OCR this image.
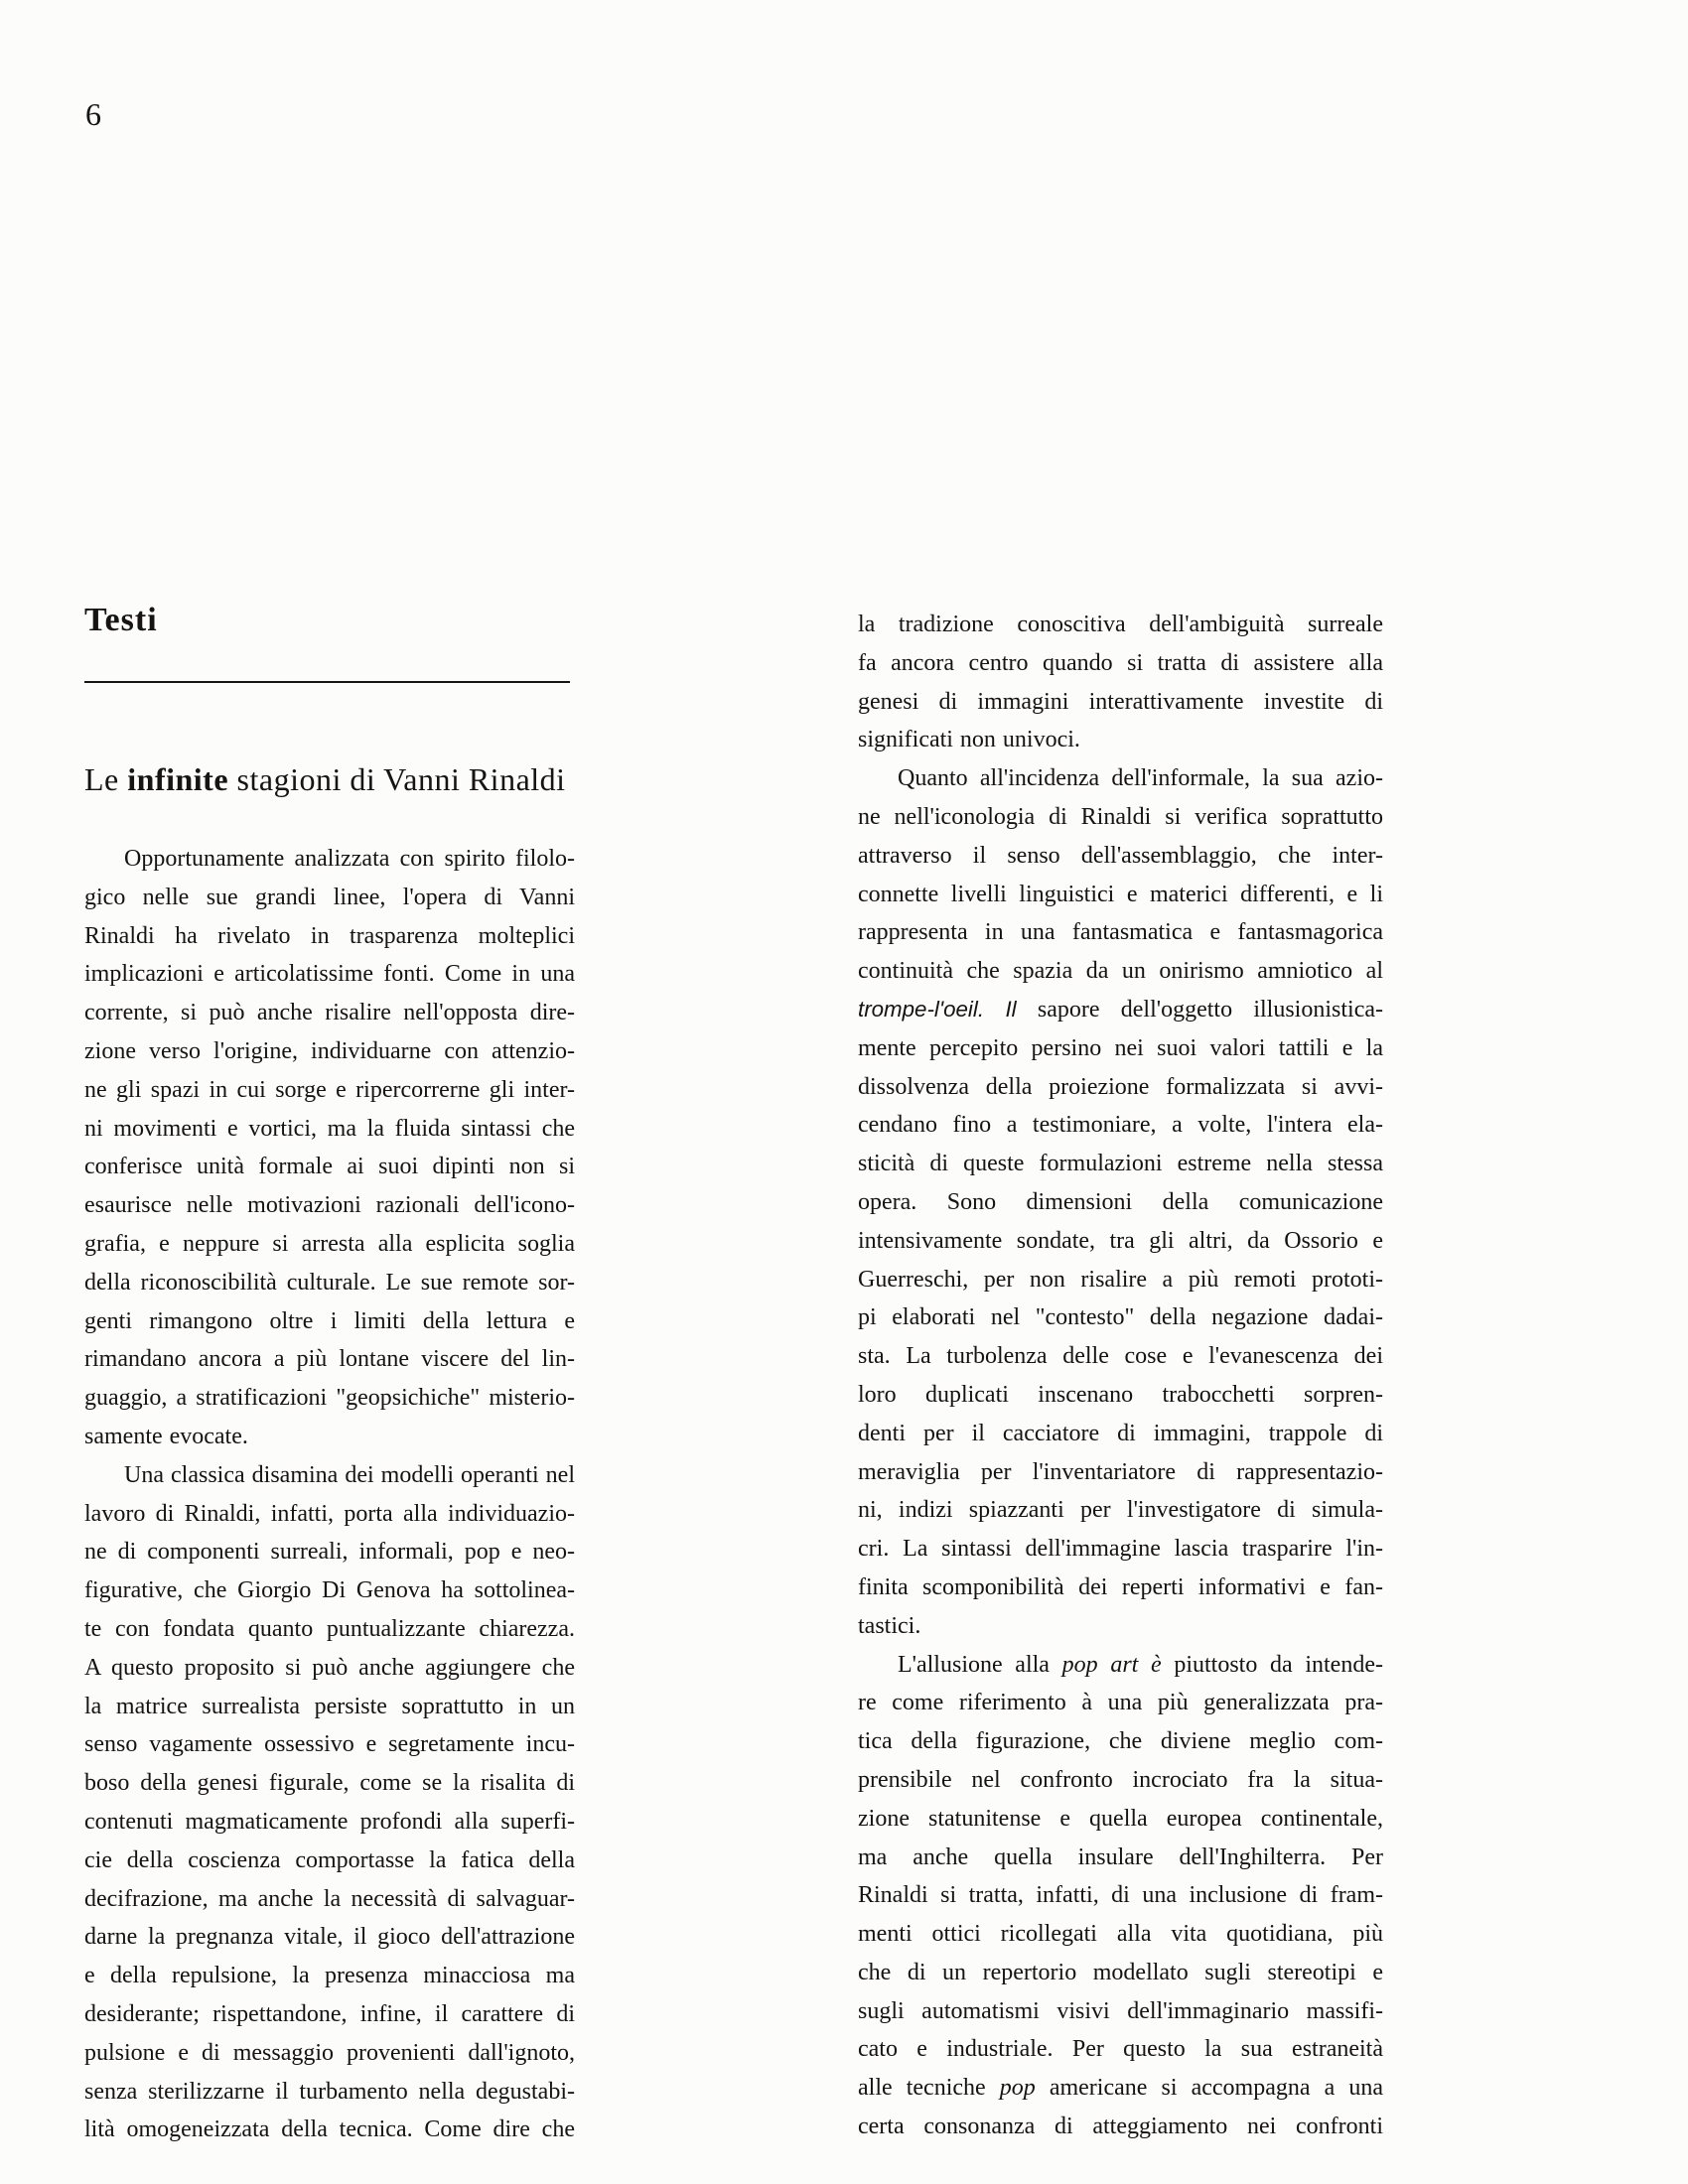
6
Testi
Le infinite stagioni di Vanni Rinaldi
Opportunamente analizzata con spirito filolo-
gico nelle sue grandi linee, l'opera di Vanni
Rinaldi ha rivelato in trasparenza molteplici
implicazioni e articolatissime fonti. Come in una
corrente, si può anche risalire nell'opposta dire-
zione verso l'origine, individuarne con attenzio-
ne gli spazi in cui sorge e ripercorrerne gli inter-
ni movimenti e vortici, ma la fluida sintassi che
conferisce unità formale ai suoi dipinti non si
esaurisce nelle motivazioni razionali dell'icono-
grafia, e neppure si arresta alla esplicita soglia
della riconoscibilità culturale. Le sue remote sor-
genti rimangono oltre i limiti della lettura e
rimandano ancora a più lontane viscere del lin-
guaggio, a stratificazioni "geopsichiche" misterio-
samente evocate.
Una classica disamina dei modelli operanti nel
lavoro di Rinaldi, infatti, porta alla individuazio-
ne di componenti surreali, informali, pop e neo-
figurative, che Giorgio Di Genova ha sottolinea-
te con fondata quanto puntualizzante chiarezza.
A questo proposito si può anche aggiungere che
la matrice surrealista persiste soprattutto in un
senso vagamente ossessivo e segretamente incu-
boso della genesi figurale, come se la risalita di
contenuti magmaticamente profondi alla superfi-
cie della coscienza comportasse la fatica della
decifrazione, ma anche la necessità di salvaguar-
darne la pregnanza vitale, il gioco dell'attrazione
e della repulsione, la presenza minacciosa ma
desiderante; rispettandone, infine, il carattere di
pulsione e di messaggio provenienti dall'ignoto,
senza sterilizzarne il turbamento nella degustabi-
lità omogeneizzata della tecnica. Come dire che
la tradizione conoscitiva dell'ambiguità surreale
fa ancora centro quando si tratta di assistere alla
genesi di immagini interattivamente investite di
significati non univoci.
Quanto all'incidenza dell'informale, la sua azio-
ne nell'iconologia di Rinaldi si verifica soprattutto
attraverso il senso dell'assemblaggio, che inter-
connette livelli linguistici e materici differenti, e li
rappresenta in una fantasmatica e fantasmagorica
continuità che spazia da un onirismo amniotico al
trompe-l'oeil. Il sapore dell'oggetto illusionistica-
mente percepito persino nei suoi valori tattili e la
dissolvenza della proiezione formalizzata si avvi-
cendano fino a testimoniare, a volte, l'intera ela-
sticità di queste formulazioni estreme nella stessa
opera. Sono dimensioni della comunicazione
intensivamente sondate, tra gli altri, da Ossorio e
Guerreschi, per non risalire a più remoti prototi-
pi elaborati nel "contesto" della negazione dadai-
sta. La turbolenza delle cose e l'evanescenza dei
loro duplicati inscenano trabocchetti sorpren-
denti per il cacciatore di immagini, trappole di
meraviglia per l'inventariatore di rappresentazio-
ni, indizi spiazzanti per l'investigatore di simula-
cri. La sintassi dell'immagine lascia trasparire l'in-
finita scomponibilità dei reperti informativi e fan-
tastici.
L'allusione alla pop art è piuttosto da intende-
re come riferimento à una più generalizzata pra-
tica della figurazione, che diviene meglio com-
prensibile nel confronto incrociato fra la situa-
zione statunitense e quella europea continentale,
ma anche quella insulare dell'Inghilterra. Per
Rinaldi si tratta, infatti, di una inclusione di fram-
menti ottici ricollegati alla vita quotidiana, più
che di un repertorio modellato sugli stereotipi e
sugli automatismi visivi dell'immaginario massifi-
cato e industriale. Per questo la sua estraneità
alle tecniche pop americane si accompagna a una
certa consonanza di atteggiamento nei confronti
